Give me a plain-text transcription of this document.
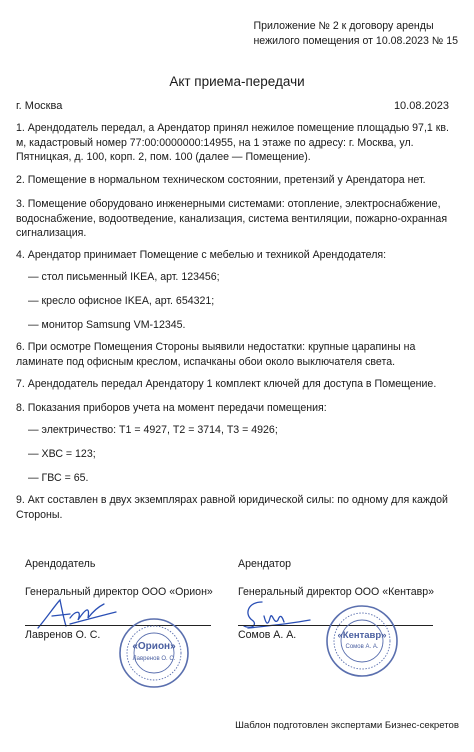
Приложение № 2 к договору аренды
нежилого помещения от 10.08.2023 № 15
Акт приема-передачи
г. Москва	10.08.2023
1. Арендодатель передал, а Арендатор принял нежилое помещение площадью 97,1 кв. м, кадастровый номер 77:00:0000000:14955, на 1 этаже по адресу: г. Москва, ул. Пятницкая, д. 100, корп. 2, пом. 100 (далее — Помещение).
2. Помещение в нормальном техническом состоянии, претензий у Арендатора нет.
3. Помещение оборудовано инженерными системами: отопление, электроснабжение, водоснабжение, водоотведение, канализация, система вентиляции, пожарно-охранная сигнализация.
4. Арендатор принимает Помещение с мебелью и техникой Арендодателя:
— стол письменный IKEA, арт. 123456;
— кресло офисное IKEA, арт. 654321;
— монитор Samsung VM-12345.
6. При осмотре Помещения Стороны выявили недостатки: крупные царапины на ламинате под офисным креслом, испачканы обои около выключателя света.
7. Арендодатель передал Арендатору 1 комплект ключей для доступа в Помещение.
8. Показания приборов учета на момент передачи помещения:
— электричество: Т1 = 4927, Т2 = 3714, Т3 = 4926;
— ХВС = 123;
— ГВС = 65.
9. Акт составлен в двух экземплярах равной юридической силы: по одному для каждой Стороны.
Арендодатель
Генеральный директор ООО «Орион»
Лавренов О. С.
«Орион»
Лавренов О. С.
Арендатор
Генеральный директор ООО «Кентавр»
Сомов А. А.	«Кентавр»
Сомов А. А.
Шаблон подготовлен экспертами Бизнес-секретов
